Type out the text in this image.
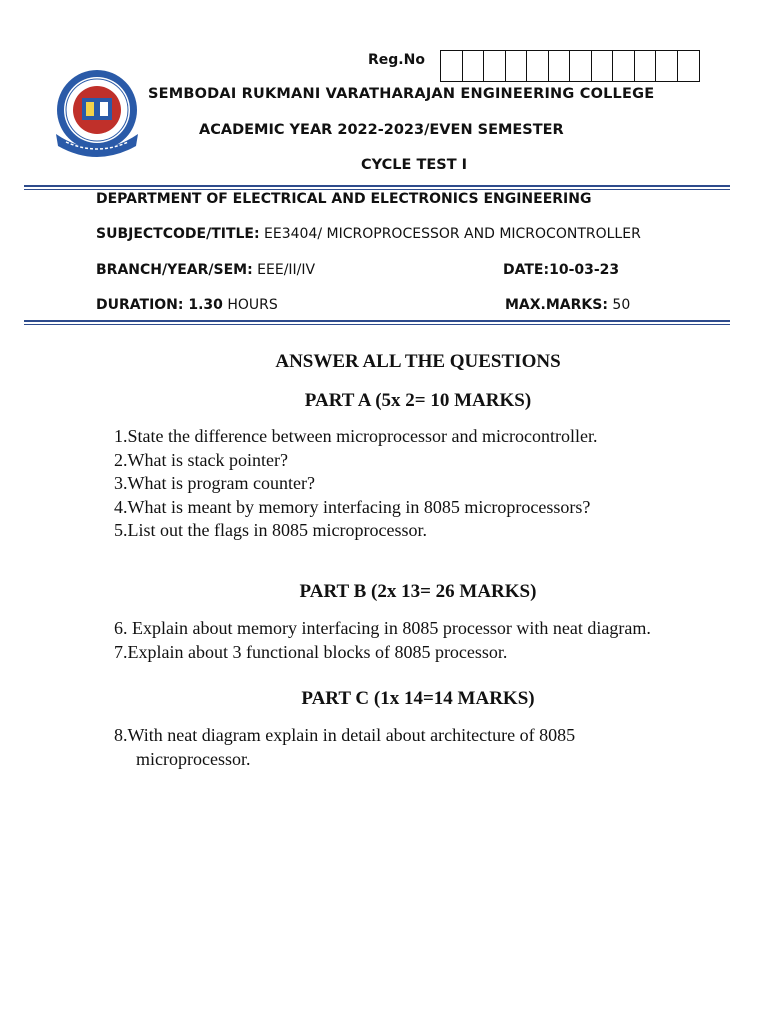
Reg.No
SEMBODAI RUKMANI VARATHARAJAN ENGINEERING COLLEGE
ACADEMIC YEAR 2022-2023/EVEN SEMESTER
CYCLE TEST I
DEPARTMENT OF ELECTRICAL AND ELECTRONICS ENGINEERING
SUBJECTCODE/TITLE: EE3404/ MICROPROCESSOR AND MICROCONTROLLER
BRANCH/YEAR/SEM: EEE/II/IV	DATE:10-03-23
DURATION: 1.30 HOURS	MAX.MARKS: 50
ANSWER ALL THE QUESTIONS
PART A (5x 2= 10 MARKS)
1.State the difference between microprocessor and microcontroller.
2.What is stack pointer?
3.What is program counter?
4.What is meant by memory interfacing in 8085 microprocessors?
5.List out the flags in 8085 microprocessor.
PART B (2x 13= 26 MARKS)
6. Explain about memory interfacing in 8085 processor with neat diagram.
7.Explain about 3 functional blocks of 8085 processor.
PART C (1x 14=14 MARKS)
8.With neat diagram explain in detail about architecture of 8085
microprocessor.
